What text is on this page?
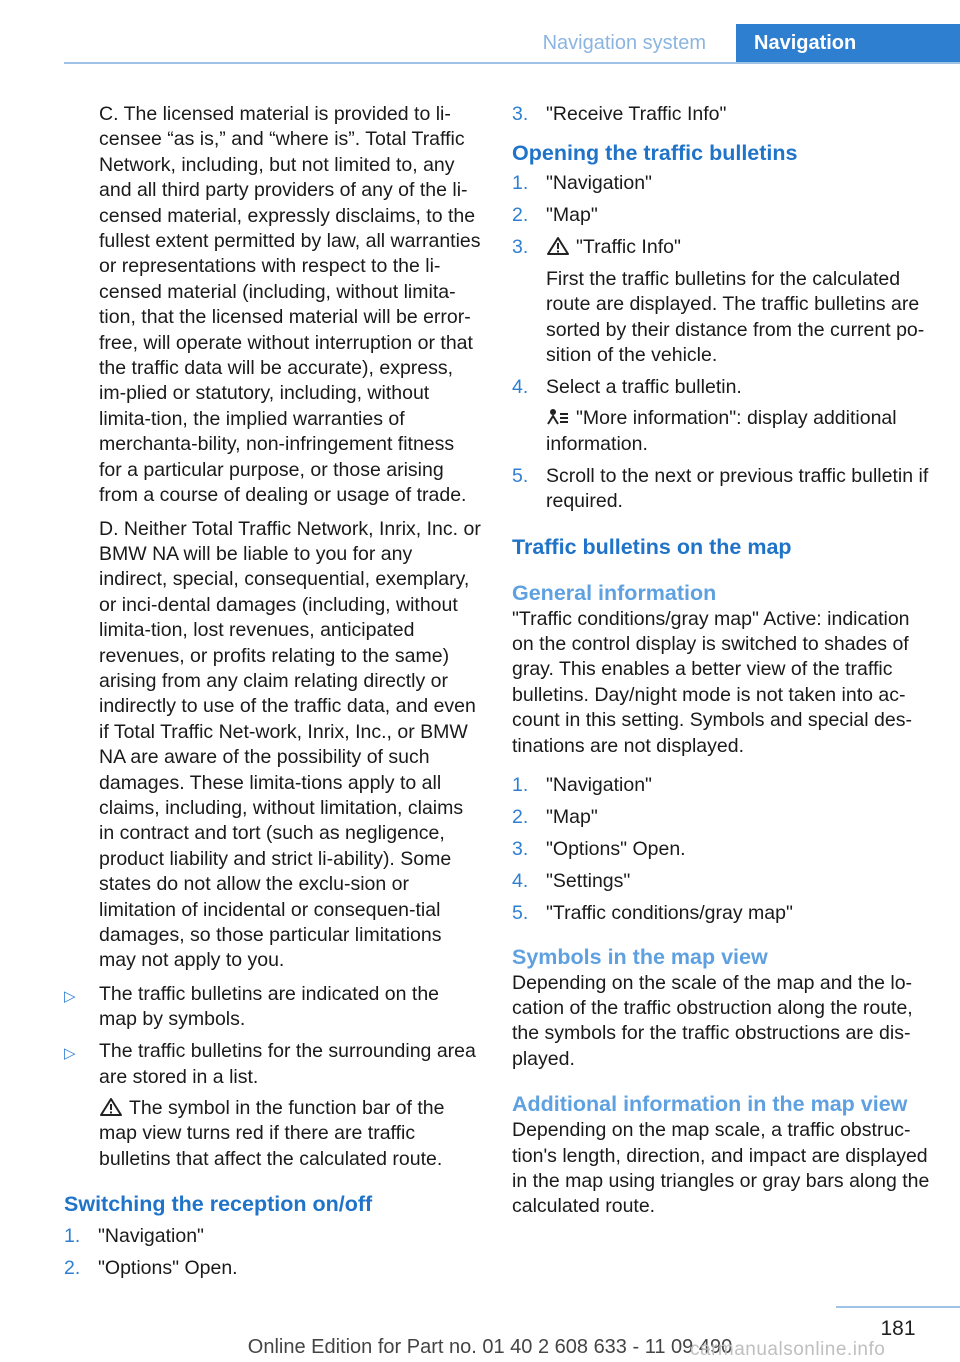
Navigation system	Navigation

C. The licensed material is provided to li-censee “as is,” and “where is”. Total Traffic Network, including, but not limited to, any and all third party providers of any of the li-censed material, expressly disclaims, to the fullest extent permitted by law, all warranties or representations with respect to the li-censed material (including, without limita-tion, that the licensed material will be error-free, will operate without interruption or that the traffic data will be accurate), express, im-plied or statutory, including, without limita-tion, the implied warranties of merchanta-bility, non-infringement fitness for a particular purpose, or those arising from a course of dealing or usage of trade.

D. Neither Total Traffic Network, Inrix, Inc. or BMW NA will be liable to you for any indirect, special, consequential, exemplary, or inci-dental damages (including, without limita-tion, lost revenues, anticipated revenues, or profits relating to the same) arising from any claim relating directly or indirectly to use of the traffic data, and even if Total Traffic Net-work, Inrix, Inc., or BMW NA are aware of the possibility of such damages. These limita-tions apply to all claims, including, without limitation, claims in contract and tort (such as negligence, product liability and strict li-ability). Some states do not allow the exclu-sion or limitation of incidental or consequen-tial damages, so those particular limitations may not apply to you.

▷	The traffic bulletins are indicated on the map by symbols.
▷	The traffic bulletins for the surrounding area are stored in a list.
The symbol in the function bar of the map view turns red if there are traffic bulletins that affect the calculated route.
Switching the reception on/off
1. "Navigation"
2. "Options" Open.
3. "Receive Traffic Info"
Opening the traffic bulletins
1. "Navigation"
2. "Map"
3.	"Traffic Info"
First the traffic bulletins for the calculated route are displayed. The traffic bulletins are sorted by their distance from the current po-sition of the vehicle.
4. Select a traffic bulletin.
"More information": display additional information.
5. Scroll to the next or previous traffic bulletin if required.
Traffic bulletins on the map
General information

"Traffic conditions/gray map" Active: indication on the control display is switched to shades of gray. This enables a better view of the traffic bulletins. Day/night mode is not taken into ac-count in this setting. Symbols and special des-tinations are not displayed.

1. "Navigation"
2. "Map"
3. "Options" Open.
4. "Settings"
5. "Traffic conditions/gray map"
Symbols in the map view

Depending on the scale of the map and the lo-cation of the traffic obstruction along the route, the symbols for the traffic obstructions are dis-played.

Additional information in the map view

Depending on the map scale, a traffic obstruc-tion's length, direction, and impact are displayed in the map using triangles or gray bars along the calculated route.

181
Online Edition for Part no. 01 40 2 608 633 - 11 09 490
carmanualsonline.info
